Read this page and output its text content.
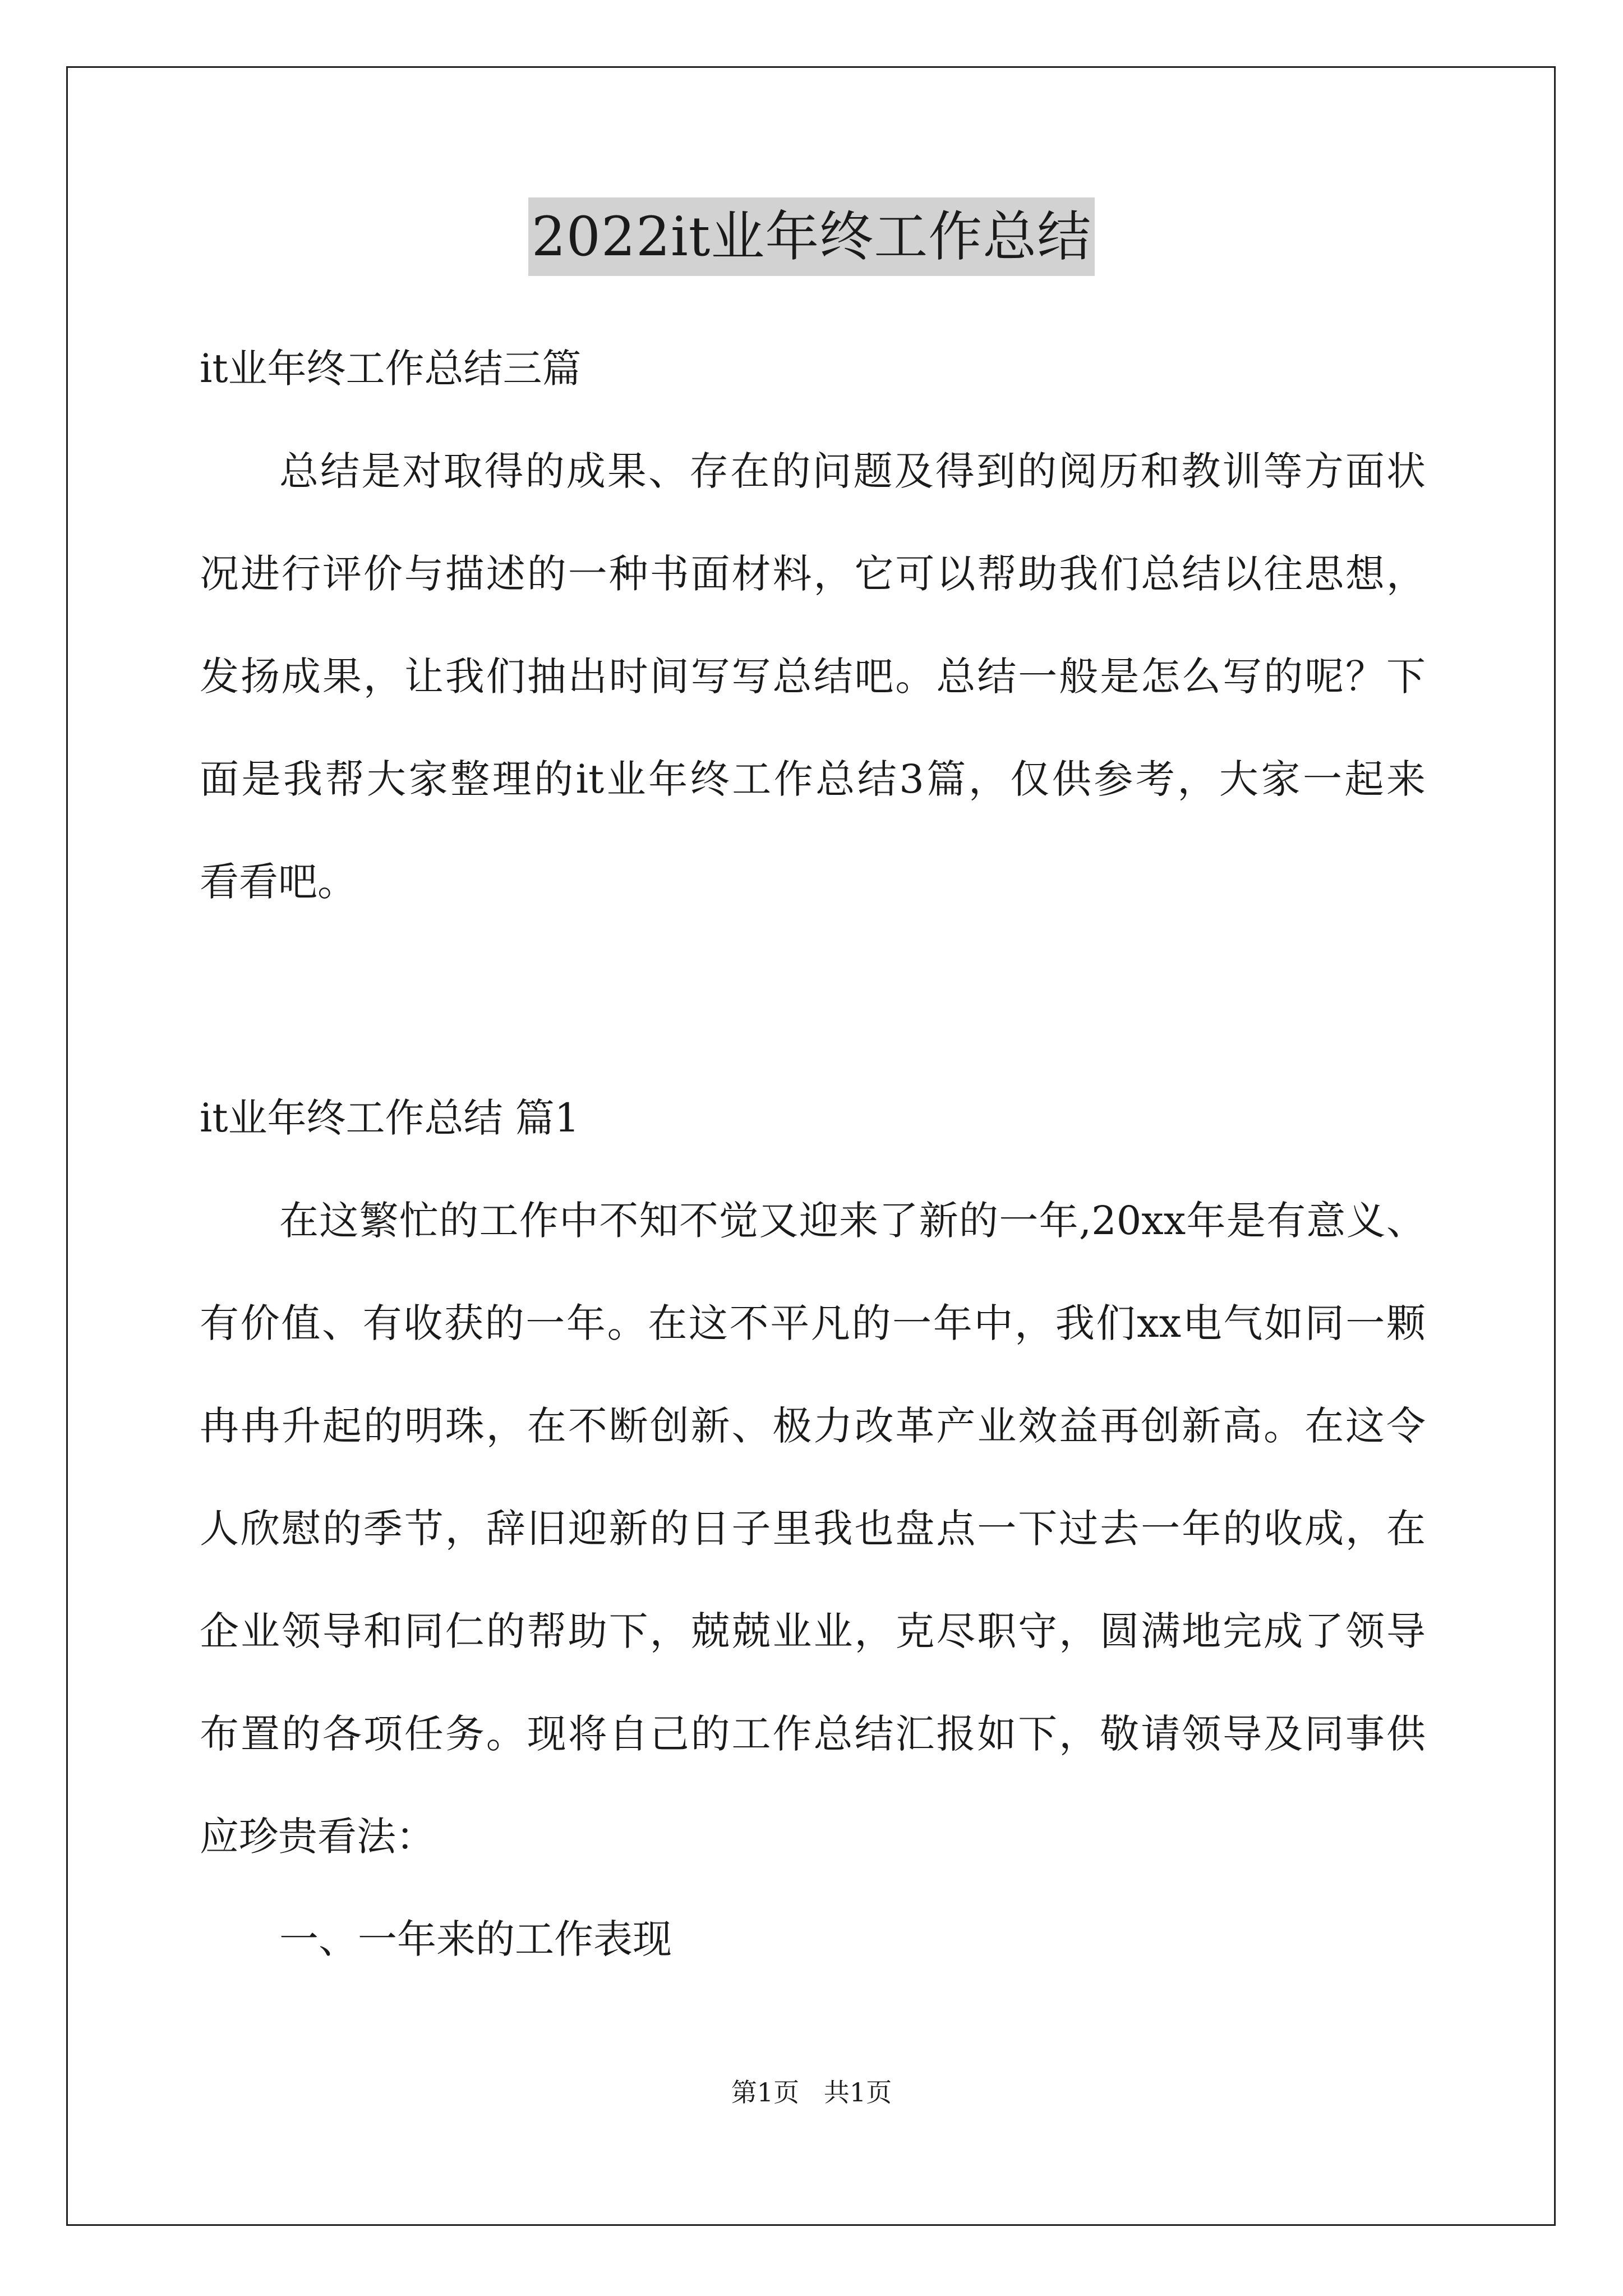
2022it业年终工作总结
it业年终工作总结三篇
总结是对取得的成果、存在的问题及得到的阅历和教训等方面状
况进行评价与描述的一种书面材料，它可以帮助我们总结以往思想，
发扬成果，让我们抽出时间写写总结吧。总结一般是怎么写的呢？下
面是我帮大家整理的it业年终工作总结3篇，仅供参考，大家一起来
看看吧。
it业年终工作总结 篇1
在这繁忙的工作中不知不觉又迎来了新的一年,20xx年是有意义、
有价值、有收获的一年。在这不平凡的一年中，我们xx电气如同一颗
冉冉升起的明珠，在不断创新、极力改革产业效益再创新高。在这令
人欣慰的季节，辞旧迎新的日子里我也盘点一下过去一年的收成，在
企业领导和同仁的帮助下，兢兢业业，克尽职守，圆满地完成了领导
布置的各项任务。现将自己的工作总结汇报如下，敬请领导及同事供
应珍贵看法：
一、一年来的工作表现
第1页   共1页
